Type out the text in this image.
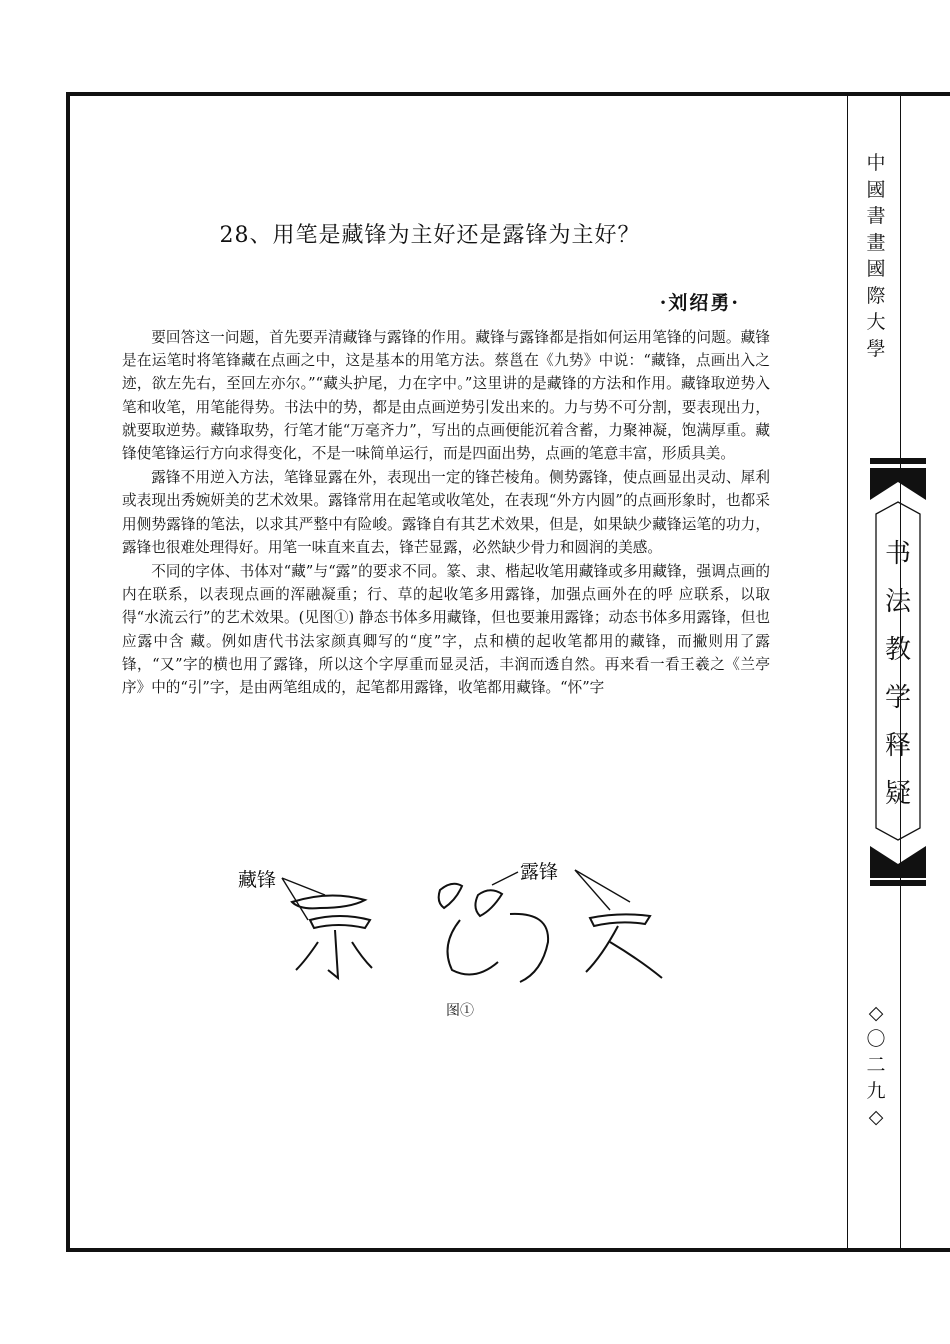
28、用笔是藏锋为主好还是露锋为主好？
·刘绍勇·

要回答这一问题，首先要弄清藏锋与露锋的作用。藏锋与露锋都是指如何运用笔锋的问题。藏锋是在运笔时将笔锋藏在点画之中，这是基本的用笔方法。蔡邕在《九势》中说：“藏锋，点画出入之迹，欲左先右，至回左亦尔。”“藏头护尾，力在字中。”这里讲的是藏锋的方法和作用。藏锋取逆势入笔和收笔，用笔能得势。书法中的势，都是由点画逆势引发出来的。力与势不可分割，要表现出力，就要取逆势。藏锋取势，行笔才能“万毫齐力”，写出的点画便能沉着含蓄，力聚神凝，饱满厚重。藏锋使笔锋运行方向求得变化，不是一味简单运行，而是四面出势，点画的笔意丰富，形质具美。

露锋不用逆入方法，笔锋显露在外，表现出一定的锋芒棱角。侧势露锋，使点画显出灵动、犀利或表现出秀婉妍美的艺术效果。露锋常用在起笔或收笔处，在表现“外方内圆”的点画形象时，也都采用侧势露锋的笔法，以求其严整中有险峻。露锋自有其艺术效果，但是，如果缺少藏锋运笔的功力，露锋也很难处理得好。用笔一味直来直去，锋芒显露，必然缺少骨力和圆润的美感。

不同的字体、书体对“藏”与“露”的要求不同。篆、隶、楷起收笔用藏锋或多用藏锋，强调点画的内在联系，以表现点画的浑融凝重；行、草的起收笔多用露锋，加强点画外在的呼 应联系，以取得“水流云行”的艺术效果。(见图①) 静态书体多用藏锋，但也要兼用露锋；动态书体多用露锋，但也应露中含 藏。例如唐代书法家颜真卿写的“度”字，点和横的起收笔都用的藏锋，而撇则用了露锋，“又”字的横也用了露锋，所以这个字厚重而显灵活，丰润而透自然。再来看一看王羲之《兰亭序》中的“引”字，是由两笔组成的，起笔都用露锋，收笔都用藏锋。“怀”字

藏锋	露锋
图①
中
國
書
畫
國
際
大
學
书
法
教
学
释
疑
◇
〇
二
九
◇
